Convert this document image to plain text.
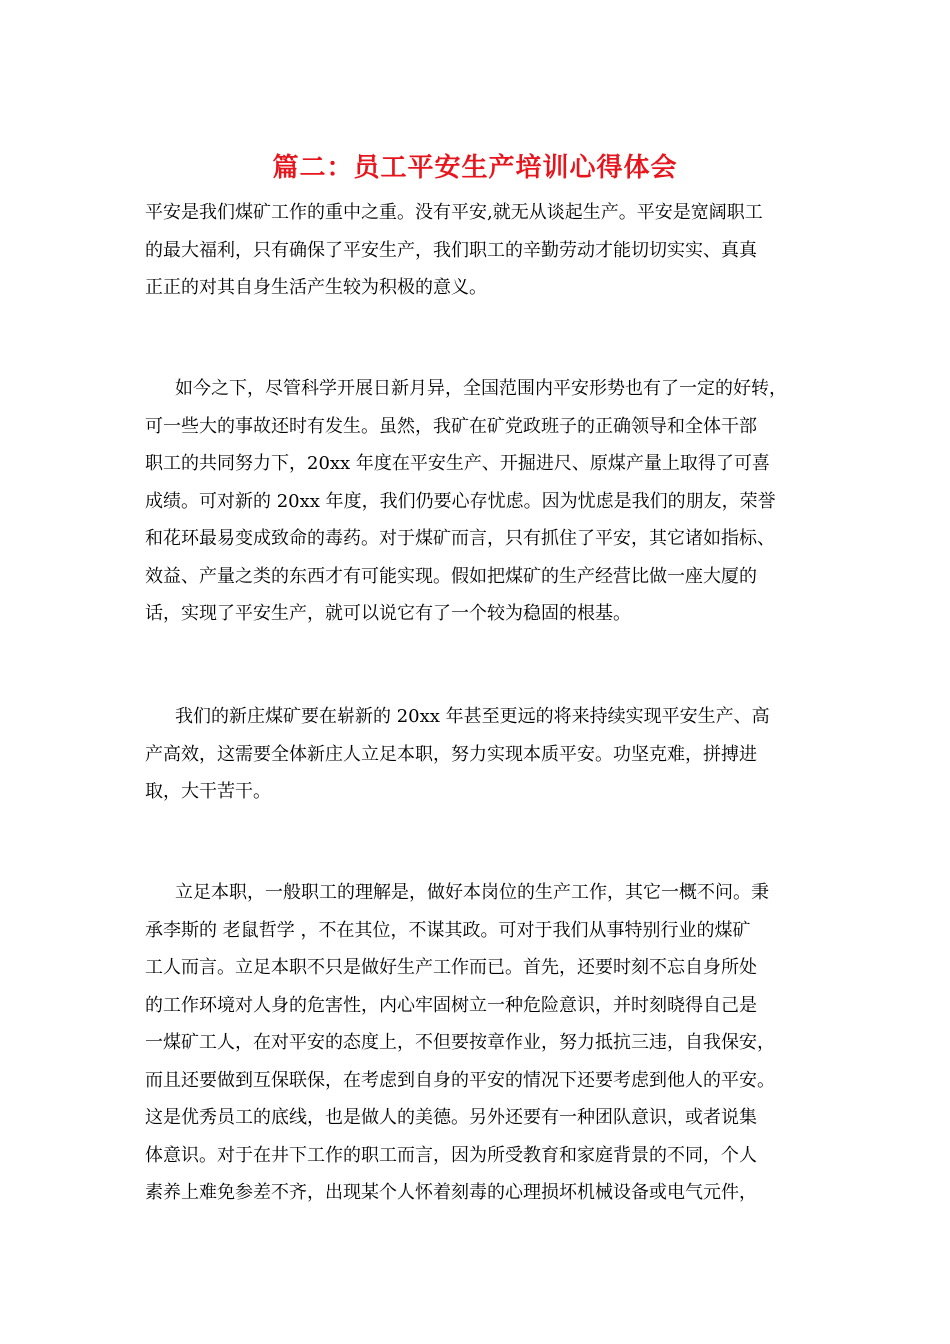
篇二：员工平安生产培训心得体会
平安是我们煤矿工作的重中之重。没有平安,就无从谈起生产。平安是宽阔职工
的最大福利，只有确保了平安生产，我们职工的辛勤劳动才能切切实实、真真
正正的对其自身生活产生较为积极的意义。
如今之下，尽管科学开展日新月异，全国范围内平安形势也有了一定的好转，
可一些大的事故还时有发生。虽然，我矿在矿党政班子的正确领导和全体干部
职工的共同努力下，20xx 年度在平安生产、开掘进尺、原煤产量上取得了可喜
成绩。可对新的 20xx 年度，我们仍要心存忧虑。因为忧虑是我们的朋友，荣誉
和花环最易变成致命的毒药。对于煤矿而言，只有抓住了平安，其它诸如指标、
效益、产量之类的东西才有可能实现。假如把煤矿的生产经营比做一座大厦的
话，实现了平安生产，就可以说它有了一个较为稳固的根基。
我们的新庄煤矿要在崭新的 20xx 年甚至更远的将来持续实现平安生产、高
产高效，这需要全体新庄人立足本职，努力实现本质平安。功坚克难，拼搏进
取，大干苦干。
立足本职，一般职工的理解是，做好本岗位的生产工作，其它一概不问。秉
承李斯的 老鼠哲学 ，不在其位，不谋其政。可对于我们从事特别行业的煤矿
工人而言。立足本职不只是做好生产工作而已。首先，还要时刻不忘自身所处
的工作环境对人身的危害性，内心牢固树立一种危险意识，并时刻晓得自己是
一煤矿工人，在对平安的态度上，不但要按章作业，努力抵抗三违，自我保安，
而且还要做到互保联保，在考虑到自身的平安的情况下还要考虑到他人的平安。
这是优秀员工的底线，也是做人的美德。另外还要有一种团队意识，或者说集
体意识。对于在井下工作的职工而言，因为所受教育和家庭背景的不同，个人
素养上难免参差不齐，出现某个人怀着刻毒的心理损坏机械设备或电气元件，
